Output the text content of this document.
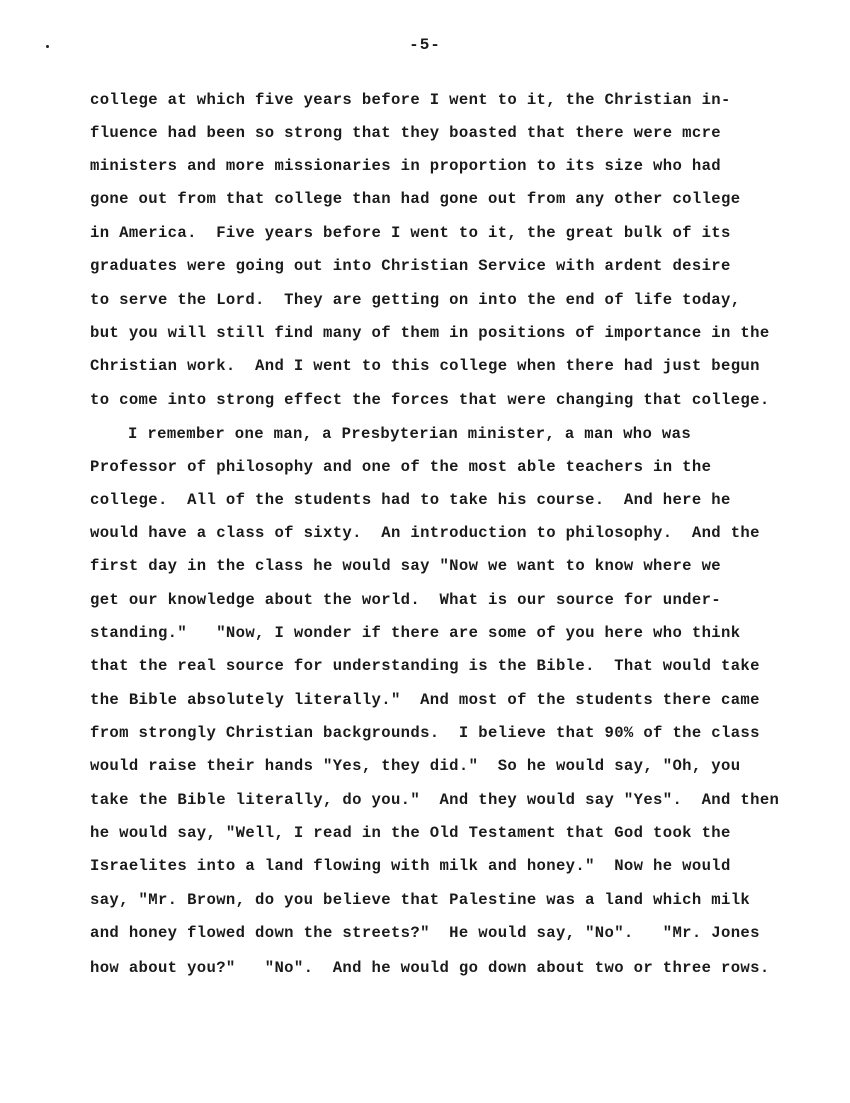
-5-
college at which five years before I went to it, the Christian in-
fluence had been so strong that they boasted that there were mcre
ministers and more missionaries in proportion to its size who had
gone out from that college than had gone out from any other college
in America.  Five years before I went to it, the great bulk of its
graduates were going out into Christian Service with ardent desire
to serve the Lord.  They are getting on into the end of life today,
but you will still find many of them in positions of importance in the
Christian work.  And I went to this college when there had just begun
to come into strong effect the forces that were changing that college.
I remember one man, a Presbyterian minister, a man who was
Professor of philosophy and one of the most able teachers in the
college.  All of the students had to take his course.  And here he
would have a class of sixty.  An introduction to philosophy.  And the
first day in the class he would say "Now we want to know where we
get our knowledge about the world.  What is our source for under-
standing."   "Now, I wonder if there are some of you here who think
that the real source for understanding is the Bible.  That would take
the Bible absolutely literally."  And most of the students there came
from strongly Christian backgrounds.  I believe that 90% of the class
would raise their hands "Yes, they did."  So he would say, "Oh, you
take the Bible literally, do you."  And they would say "Yes".  And then
he would say, "Well, I read in the Old Testament that God took the
Israelites into a land flowing with milk and honey."  Now he would
say, "Mr. Brown, do you believe that Palestine was a land which milk
and honey flowed down the streets?"  He would say, "No".   "Mr. Jones
how about you?"   "No".  And he would go down about two or three rows.
